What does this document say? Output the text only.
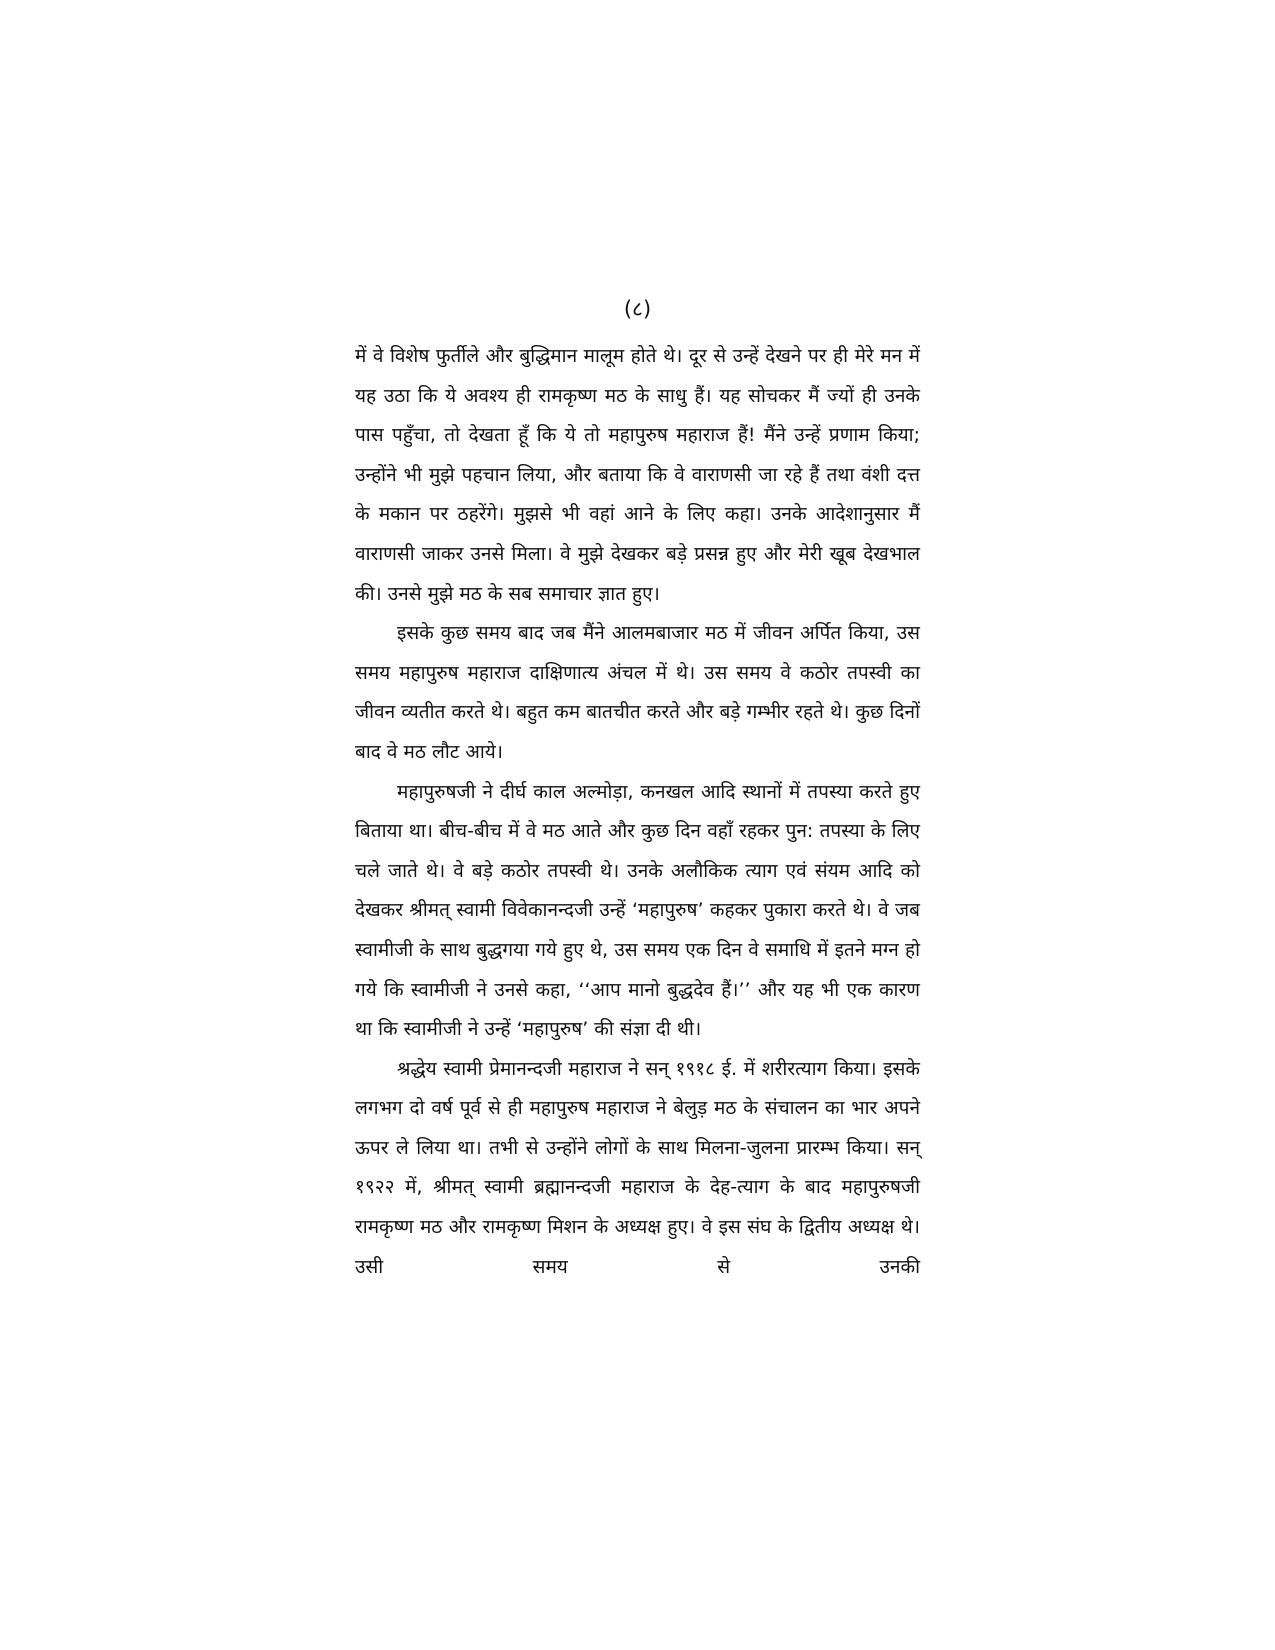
(८)

में वे विशेष फुर्तीले और बुद्धिमान मालूम होते थे। दूर से उन्हें देखने पर ही मेरे मन में यह उठा कि ये अवश्य ही रामकृष्ण मठ के साधु हैं। यह सोचकर मैं ज्यों ही उनके पास पहुँचा, तो देखता हूँ कि ये तो महापुरुष महाराज हैं! मैंने उन्हें प्रणाम किया; उन्होंने भी मुझे पहचान लिया, और बताया कि वे वाराणसी जा रहे हैं तथा वंशी दत्त के मकान पर ठहरेंगे। मुझसे भी वहां आने के लिए कहा। उनके आदेशानुसार मैं वाराणसी जाकर उनसे मिला। वे मुझे देखकर बड़े प्रसन्न हुए और मेरी खूब देखभाल की। उनसे मुझे मठ के सब समाचार ज्ञात हुए।

इसके कुछ समय बाद जब मैंने आलमबाजार मठ में जीवन अर्पित किया, उस समय महापुरुष महाराज दाक्षिणात्य अंचल में थे। उस समय वे कठोर तपस्वी का जीवन व्यतीत करते थे। बहुत कम बातचीत करते और बड़े गम्भीर रहते थे। कुछ दिनों बाद वे मठ लौट आये।

महापुरुषजी ने दीर्घ काल अल्मोड़ा, कनखल आदि स्थानों में तपस्या करते हुए बिताया था। बीच-बीच में वे मठ आते और कुछ दिन वहाँ रहकर पुन: तपस्या के लिए चले जाते थे। वे बड़े कठोर तपस्वी थे। उनके अलौकिक त्याग एवं संयम आदि को देखकर श्रीमत् स्वामी विवेकानन्दजी उन्हें ‘महापुरुष’ कहकर पुकारा करते थे। वे जब स्वामीजी के साथ बुद्धगया गये हुए थे, उस समय एक दिन वे समाधि में इतने मग्न हो गये कि स्वामीजी ने उनसे कहा, ‘‘आप मानो बुद्धदेव हैं।’’ और यह भी एक कारण था कि स्वामीजी ने उन्हें ‘महापुरुष’ की संज्ञा दी थी।

श्रद्धेय स्वामी प्रेमानन्दजी महाराज ने सन् १९१८ ई. में शरीरत्याग किया। इसके लगभग दो वर्ष पूर्व से ही महापुरुष महाराज ने बेलुड़ मठ के संचालन का भार अपने ऊपर ले लिया था। तभी से उन्होंने लोगों के साथ मिलना-जुलना प्रारम्भ किया। सन् १९२२ में, श्रीमत् स्वामी ब्रह्मानन्दजी महाराज के देह-त्याग के बाद महापुरुषजी रामकृष्ण मठ और रामकृष्ण मिशन के अध्यक्ष हुए। वे इस संघ के द्वितीय अध्यक्ष थे। उसी समय से उनकी
